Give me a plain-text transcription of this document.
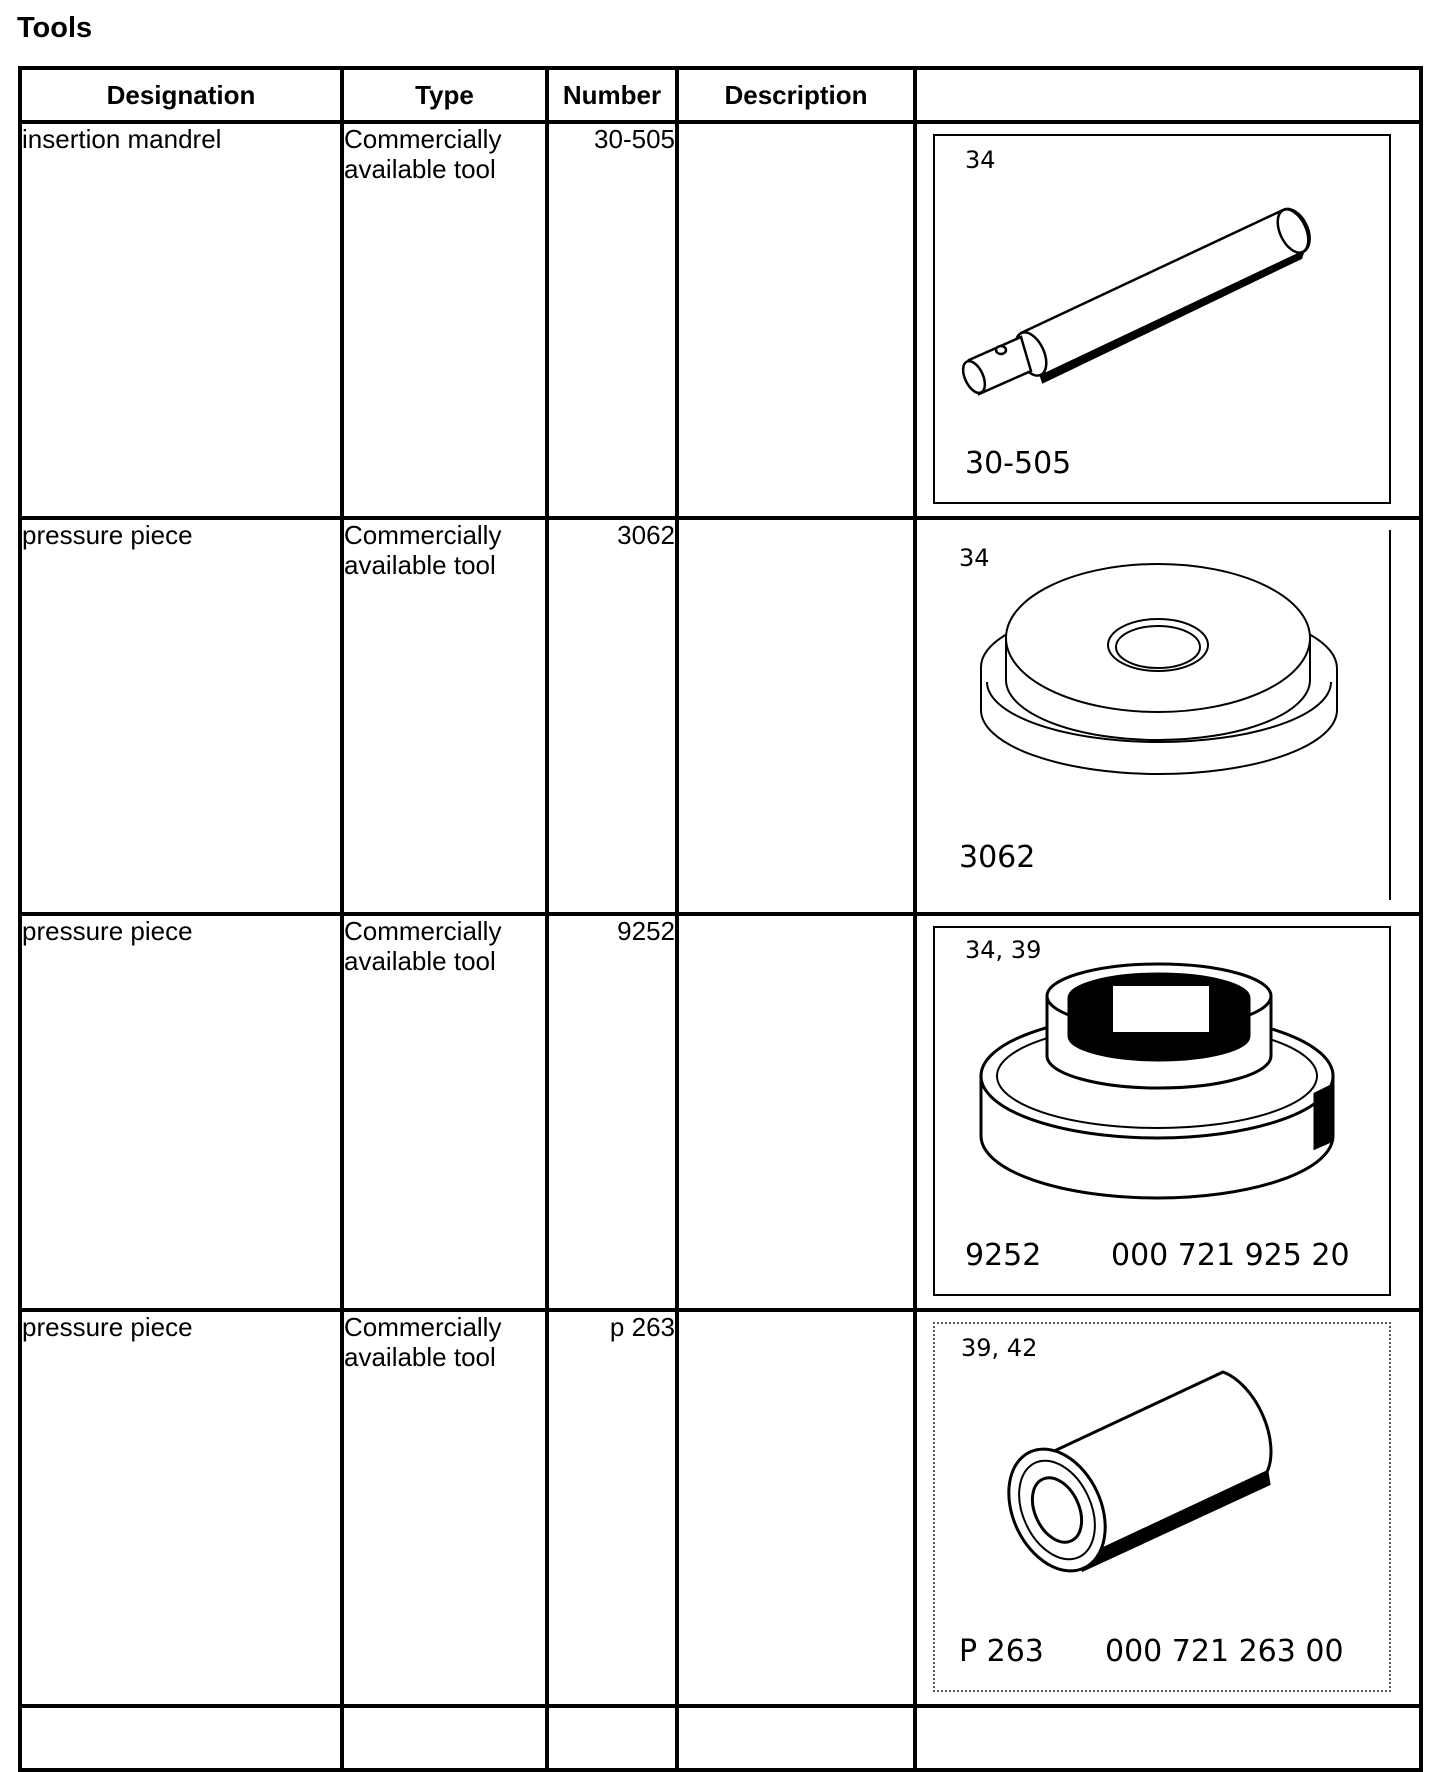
Tools
Designation	Type	Number	Description	
insertion mandrel	Commercially available tool	30-505		34
30-505

pressure piece	Commercially available tool	3062		34
3062

pressure piece	Commercially available tool	9252		34, 39
9252 000 721 925 20

pressure piece	Commercially available tool	p 263		39, 42
P 263 000 721 263 00
